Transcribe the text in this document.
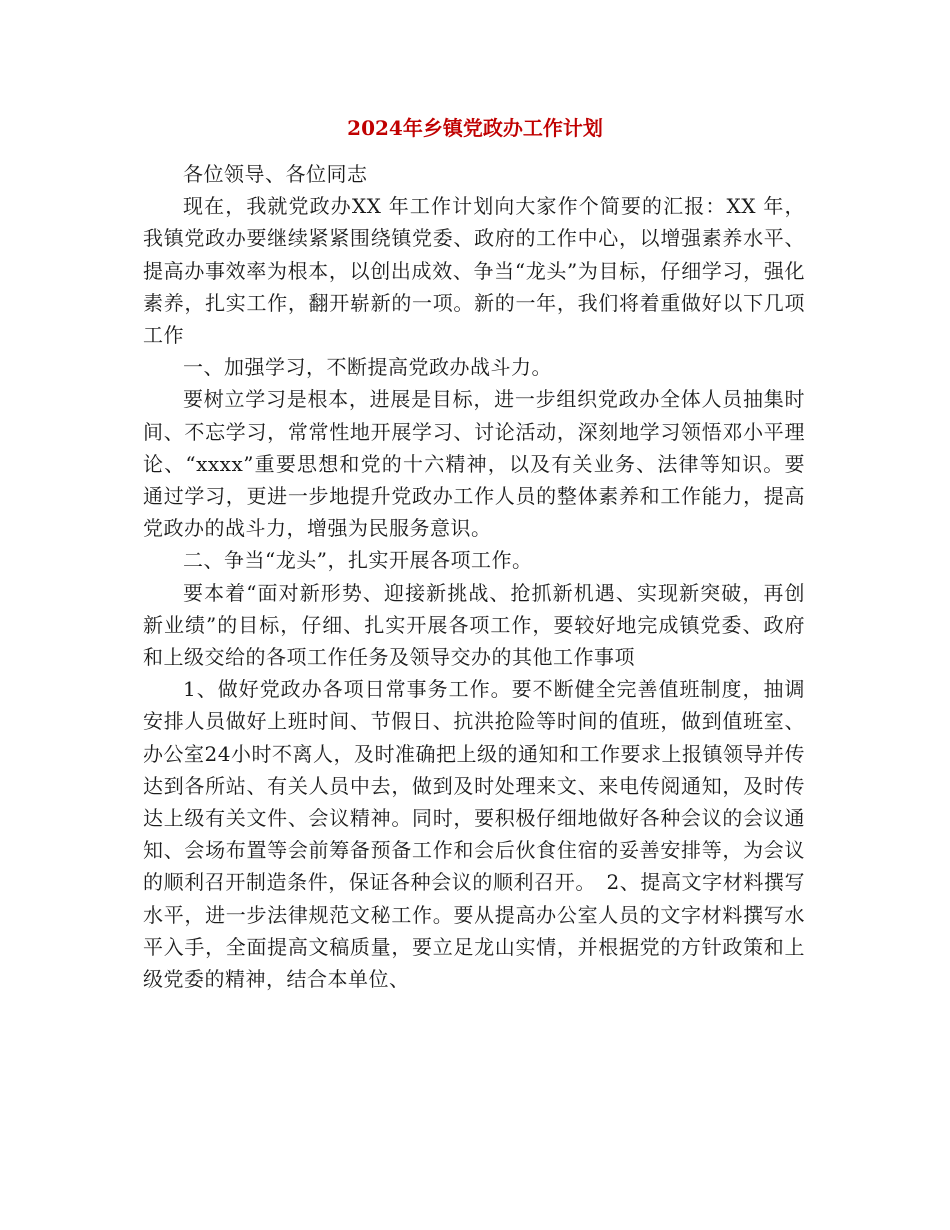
2024年乡镇党政办工作计划

各位领导、各位同志

现在，我就党政办XX 年工作计划向大家作个简要的汇报：XX 年，我镇党政办要继续紧紧围绕镇党委、政府的工作中心，以增强素养水平、提高办事效率为根本，以创出成效、争当“龙头”为目标，仔细学习，强化素养，扎实工作，翻开崭新的一项。新的一年，我们将着重做好以下几项工作

一、加强学习，不断提高党政办战斗力。

要树立学习是根本，进展是目标，进一步组织党政办全体人员抽集时间、不忘学习，常常性地开展学习、讨论活动，深刻地学习领悟邓小平理论、“xxxx”重要思想和党的十六精神，以及有关业务、法律等知识。要通过学习，更进一步地提升党政办工作人员的整体素养和工作能力，提高党政办的战斗力，增强为民服务意识。

二、争当“龙头”，扎实开展各项工作。

要本着“面对新形势、迎接新挑战、抢抓新机遇、实现新突破，再创新业绩”的目标，仔细、扎实开展各项工作，要较好地完成镇党委、政府和上级交给的各项工作任务及领导交办的其他工作事项

1、做好党政办各项日常事务工作。要不断健全完善值班制度，抽调安排人员做好上班时间、节假日、抗洪抢险等时间的值班，做到值班室、办公室24小时不离人，及时准确把上级的通知和工作要求上报镇领导并传达到各所站、有关人员中去，做到及时处理来文、来电传阅通知，及时传达上级有关文件、会议精神。同时，要积极仔细地做好各种会议的会议通知、会场布置等会前筹备预备工作和会后伙食住宿的妥善安排等，为会议的顺利召开制造条件，保证各种会议的顺利召开。　2、提高文字材料撰写水平，进一步法律规范文秘工作。要从提高办公室人员的文字材料撰写水平入手，全面提高文稿质量，要立足龙山实情，并根据党的方针政策和上级党委的精神，结合本单位、
